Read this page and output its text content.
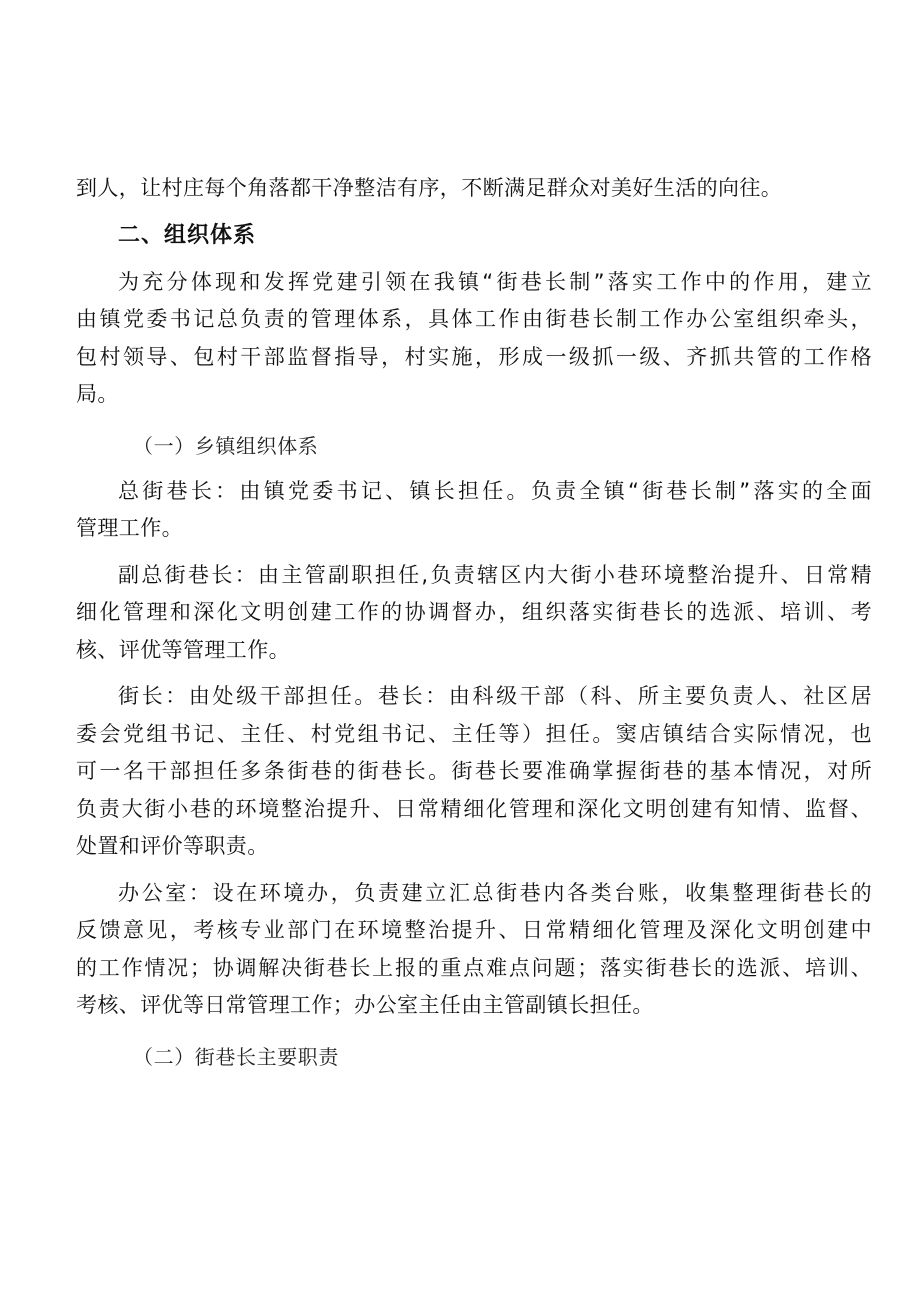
到人，让村庄每个角落都干净整洁有序，不断满足群众对美好生活的向往。
二、组织体系
为充分体现和发挥党建引领在我镇“街巷长制”落实工作中的作用，建立
由镇党委书记总负责的管理体系，具体工作由街巷长制工作办公室组织牵头，
包村领导、包村干部监督指导，村实施，形成一级抓一级、齐抓共管的工作格
局。
（一）乡镇组织体系
总街巷长：由镇党委书记、镇长担任。负责全镇“街巷长制”落实的全面
管理工作。
副总街巷长：由主管副职担任,负责辖区内大街小巷环境整治提升、日常精
细化管理和深化文明创建工作的协调督办，组织落实街巷长的选派、培训、考
核、评优等管理工作。
街长：由处级干部担任。巷长：由科级干部（科、所主要负责人、社区居
委会党组书记、主任、村党组书记、主任等）担任。窦店镇结合实际情况，也
可一名干部担任多条街巷的街巷长。街巷长要准确掌握街巷的基本情况，对所
负责大街小巷的环境整治提升、日常精细化管理和深化文明创建有知情、监督、
处置和评价等职责。
办公室：设在环境办，负责建立汇总街巷内各类台账，收集整理街巷长的
反馈意见，考核专业部门在环境整治提升、日常精细化管理及深化文明创建中
的工作情况；协调解决街巷长上报的重点难点问题；落实街巷长的选派、培训、
考核、评优等日常管理工作；办公室主任由主管副镇长担任。
（二）街巷长主要职责
